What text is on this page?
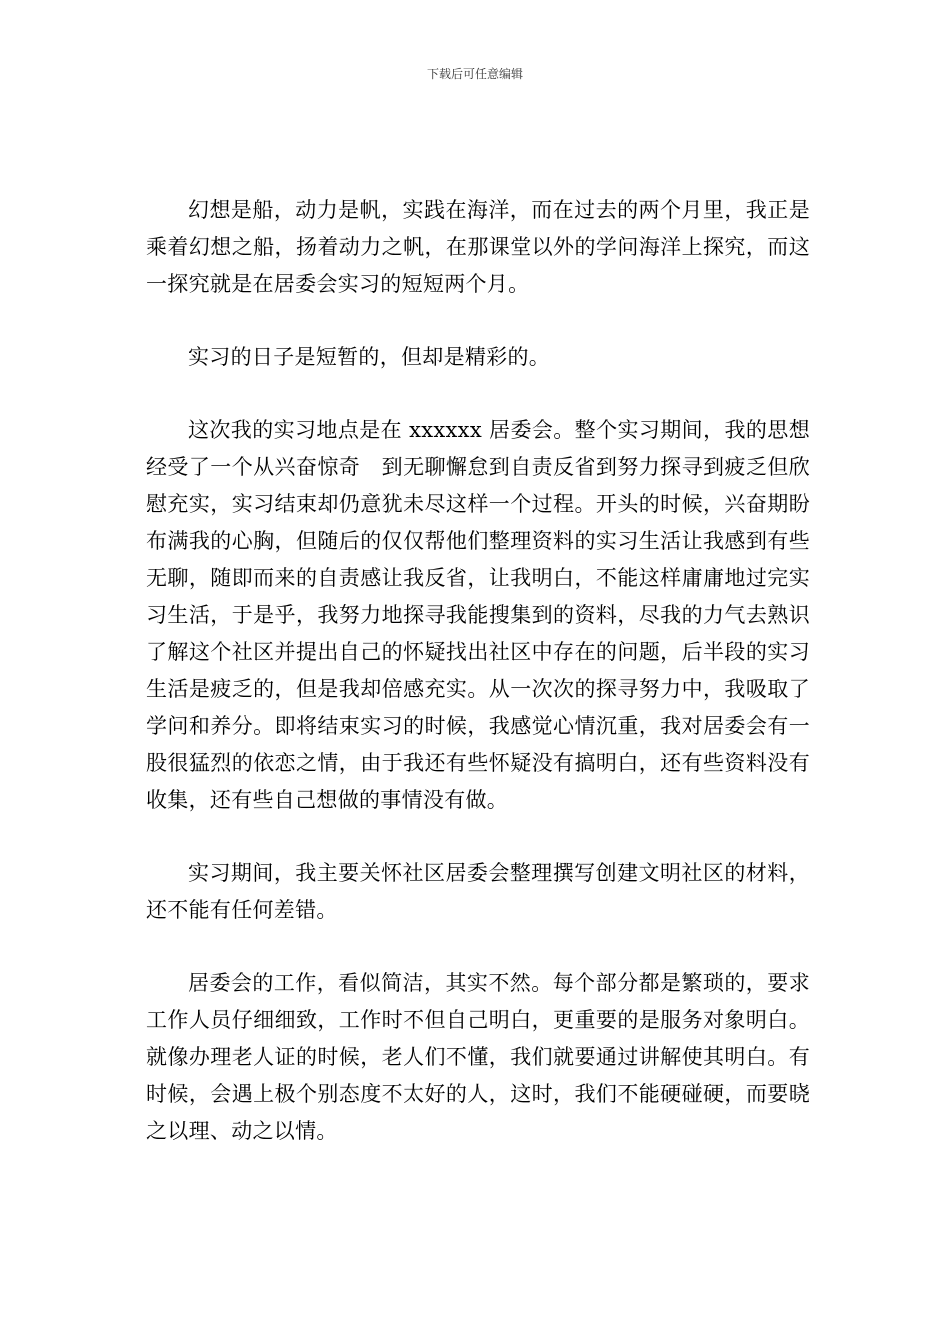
下载后可任意编辑

幻想是船，动力是帆，实践在海洋，而在过去的两个月里，我正是乘着幻想之船，扬着动力之帆，在那课堂以外的学问海洋上探究，而这一探究就是在居委会实习的短短两个月。

实习的日子是短暂的，但却是精彩的。

这次我的实习地点是在 xxxxxx 居委会。整个实习期间，我的思想经受了一个从兴奋惊奇　到无聊懈怠到自责反省到努力探寻到疲乏但欣慰充实，实习结束却仍意犹未尽这样一个过程。开头的时候，兴奋期盼布满我的心胸，但随后的仅仅帮他们整理资料的实习生活让我感到有些无聊，随即而来的自责感让我反省，让我明白，不能这样庸庸地过完实习生活，于是乎，我努力地探寻我能搜集到的资料，尽我的力气去熟识了解这个社区并提出自己的怀疑找出社区中存在的问题，后半段的实习生活是疲乏的，但是我却倍感充实。从一次次的探寻努力中，我吸取了学问和养分。即将结束实习的时候，我感觉心情沉重，我对居委会有一股很猛烈的依恋之情，由于我还有些怀疑没有搞明白，还有些资料没有收集，还有些自己想做的事情没有做。

实习期间，我主要关怀社区居委会整理撰写创建文明社区的材料，还不能有任何差错。

居委会的工作，看似简洁，其实不然。每个部分都是繁琐的，要求工作人员仔细细致，工作时不但自己明白，更重要的是服务对象明白。就像办理老人证的时候，老人们不懂，我们就要通过讲解使其明白。有时候，会遇上极个别态度不太好的人，这时，我们不能硬碰硬，而要晓之以理、动之以情。
